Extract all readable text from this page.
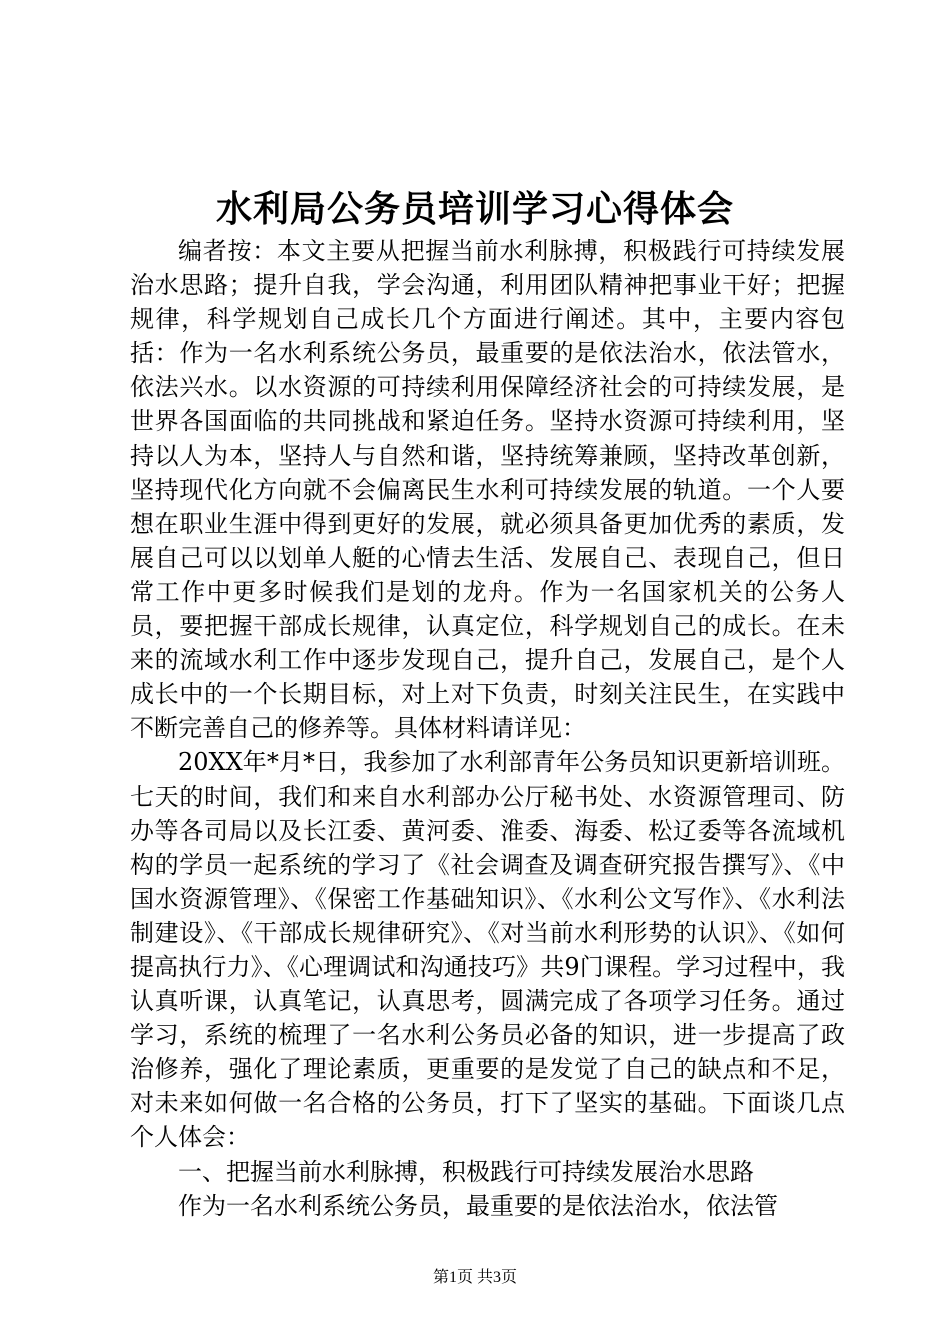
水利局公务员培训学习心得体会

编者按：本文主要从把握当前水利脉搏，积极践行可持续发展治水思路；提升自我，学会沟通，利用团队精神把事业干好；把握规律，科学规划自己成长几个方面进行阐述。其中，主要内容包括：作为一名水利系统公务员，最重要的是依法治水，依法管水，依法兴水。以水资源的可持续利用保障经济社会的可持续发展，是世界各国面临的共同挑战和紧迫任务。坚持水资源可持续利用，坚持以人为本，坚持人与自然和谐，坚持统筹兼顾，坚持改革创新，坚持现代化方向就不会偏离民生水利可持续发展的轨道。一个人要想在职业生涯中得到更好的发展，就必须具备更加优秀的素质，发展自己可以以划单人艇的心情去生活、发展自己、表现自己，但日常工作中更多时候我们是划的龙舟。作为一名国家机关的公务人员，要把握干部成长规律，认真定位，科学规划自己的成长。在未来的流域水利工作中逐步发现自己，提升自己，发展自己，是个人成长中的一个长期目标，对上对下负责，时刻关注民生，在实践中不断完善自己的修养等。具体材料请详见：

20XX年*月*日，我参加了水利部青年公务员知识更新培训班。七天的时间，我们和来自水利部办公厅秘书处、水资源管理司、防办等各司局以及长江委、黄河委、淮委、海委、松辽委等各流域机构的学员一起系统的学习了《社会调查及调查研究报告撰写》、《中国水资源管理》、《保密工作基础知识》、《水利公文写作》、《水利法制建设》、《干部成长规律研究》、《对当前水利形势的认识》、《如何提高执行力》、《心理调试和沟通技巧》共9门课程。学习过程中，我认真听课，认真笔记，认真思考，圆满完成了各项学习任务。通过学习，系统的梳理了一名水利公务员必备的知识，进一步提高了政治修养，强化了理论素质，更重要的是发觉了自己的缺点和不足，对未来如何做一名合格的公务员，打下了坚实的基础。下面谈几点个人体会：

一、把握当前水利脉搏，积极践行可持续发展治水思路

作为一名水利系统公务员，最重要的是依法治水，依法管

第1页 共3页
